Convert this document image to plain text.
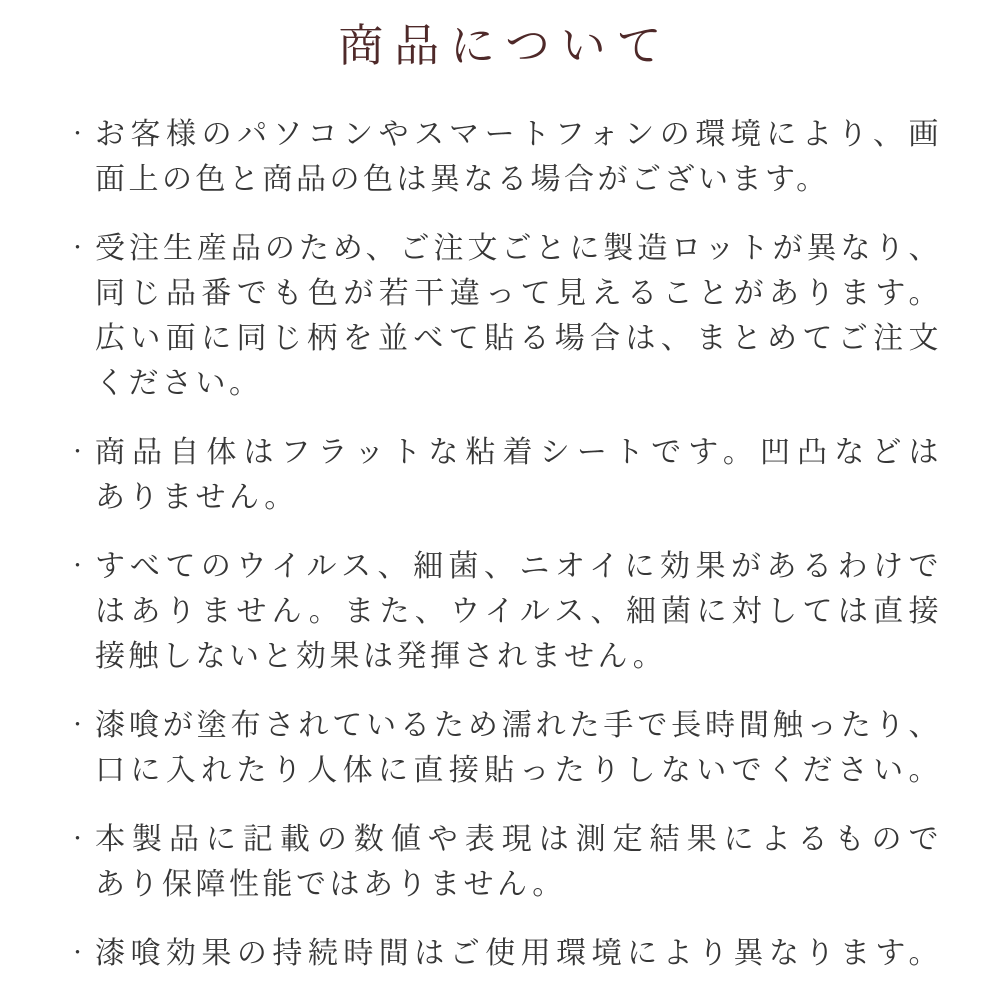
商品について
・ お客様のパソコンやスマートフォンの環境により、画
面上の色と商品の色は異なる場合がございます。
・ 受注生産品のため、ご注文ごとに製造ロットが異なり、
同じ品番でも色が若干違って見えることがあります。
広い面に同じ柄を並べて貼る場合は、まとめてご注文
ください。
・ 商品自体はフラットな粘着シートです。凹凸などは
ありません。
・ すべてのウイルス、細菌、ニオイに効果があるわけで
はありません。また、ウイルス、細菌に対しては直接
接触しないと効果は発揮されません。
・ 漆喰が塗布されているため濡れた手で長時間触ったり、
口に入れたり人体に直接貼ったりしないでください。
・ 本製品に記載の数値や表現は測定結果によるもので
あり保障性能ではありません。
・ 漆喰効果の持続時間はご使用環境により異なります。
